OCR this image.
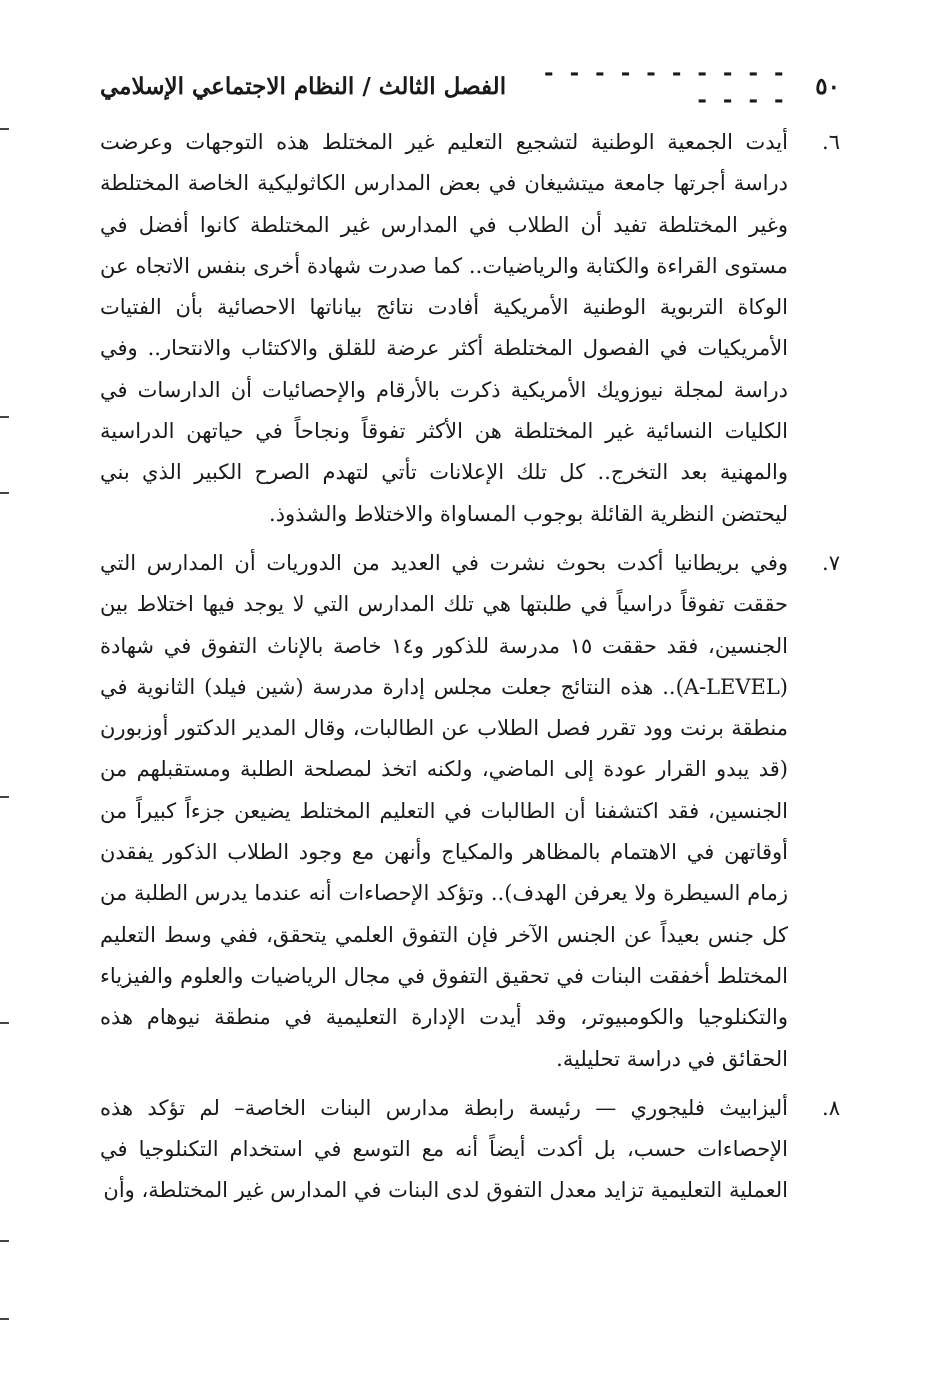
٥٠
- - - - - - - - - - - - - -
الفصل الثالث / النظام الاجتماعي الإسلامي
٦.

أيدت الجمعية الوطنية لتشجيع التعليم غير المختلط هذه التوجهات وعرضت دراسة أجرتها جامعة ميتشيغان في بعض المدارس الكاثوليكية الخاصة المختلطة وغير المختلطة تفيد أن الطلاب في المدارس غير المختلطة كانوا أفضل في مستوى القراءة والكتابة والرياضيات.. كما صدرت شهادة أخرى بنفس الاتجاه عن الوكاة التربوية الوطنية الأمريكية أفادت نتائج بياناتها الاحصائية بأن الفتيات الأمريكيات في الفصول المختلطة أكثر عرضة للقلق والاكتئاب والانتحار.. وفي دراسة لمجلة نيوزويك الأمريكية ذكرت بالأرقام والإحصائيات أن الدارسات في الكليات النسائية غير المختلطة هن الأكثر تفوقاً ونجاحاً في حياتهن الدراسية والمهنية بعد التخرج.. كل تلك الإعلانات تأتي لتهدم الصرح الكبير الذي بني ليحتضن النظرية القائلة بوجوب المساواة والاختلاط والشذوذ.

٧.

وفي بريطانيا أكدت بحوث نشرت في العديد من الدوريات أن المدارس التي حققت تفوقاً دراسياً في طلبتها هي تلك المدارس التي لا يوجد فيها اختلاط بين الجنسين، فقد حققت ١٥ مدرسة للذكور و١٤ خاصة بالإناث التفوق في شهادة (A-LEVEL).. هذه النتائج جعلت مجلس إدارة مدرسة (شين فيلد) الثانوية في منطقة برنت وود تقرر فصل الطلاب عن الطالبات، وقال المدير الدكتور أوزبورن (قد يبدو القرار عودة إلى الماضي، ولكنه اتخذ لمصلحة الطلبة ومستقبلهم من الجنسين، فقد اكتشفنا أن الطالبات في التعليم المختلط يضيعن جزءاً كبيراً من أوقاتهن في الاهتمام بالمظاهر والمكياج وأنهن مع وجود الطلاب الذكور يفقدن زمام السيطرة ولا يعرفن الهدف).. وتؤكد الإحصاءات أنه عندما يدرس الطلبة من كل جنس بعيداً عن الجنس الآخر فإن التفوق العلمي يتحقق، ففي وسط التعليم المختلط أخفقت البنات في تحقيق التفوق في مجال الرياضيات والعلوم والفيزياء والتكنلوجيا والكومبيوتر، وقد أيدت الإدارة التعليمية في منطقة نيوهام هذه الحقائق في دراسة تحليلية.

٨.

أليزابيث فليجوري — رئيسة رابطة مدارس البنات الخاصة– لم تؤكد هذه الإحصاءات حسب، بل أكدت أيضاً أنه مع التوسع في استخدام التكنلوجيا في العملية التعليمية تزايد معدل التفوق لدى البنات في المدارس غير المختلطة، وأن
